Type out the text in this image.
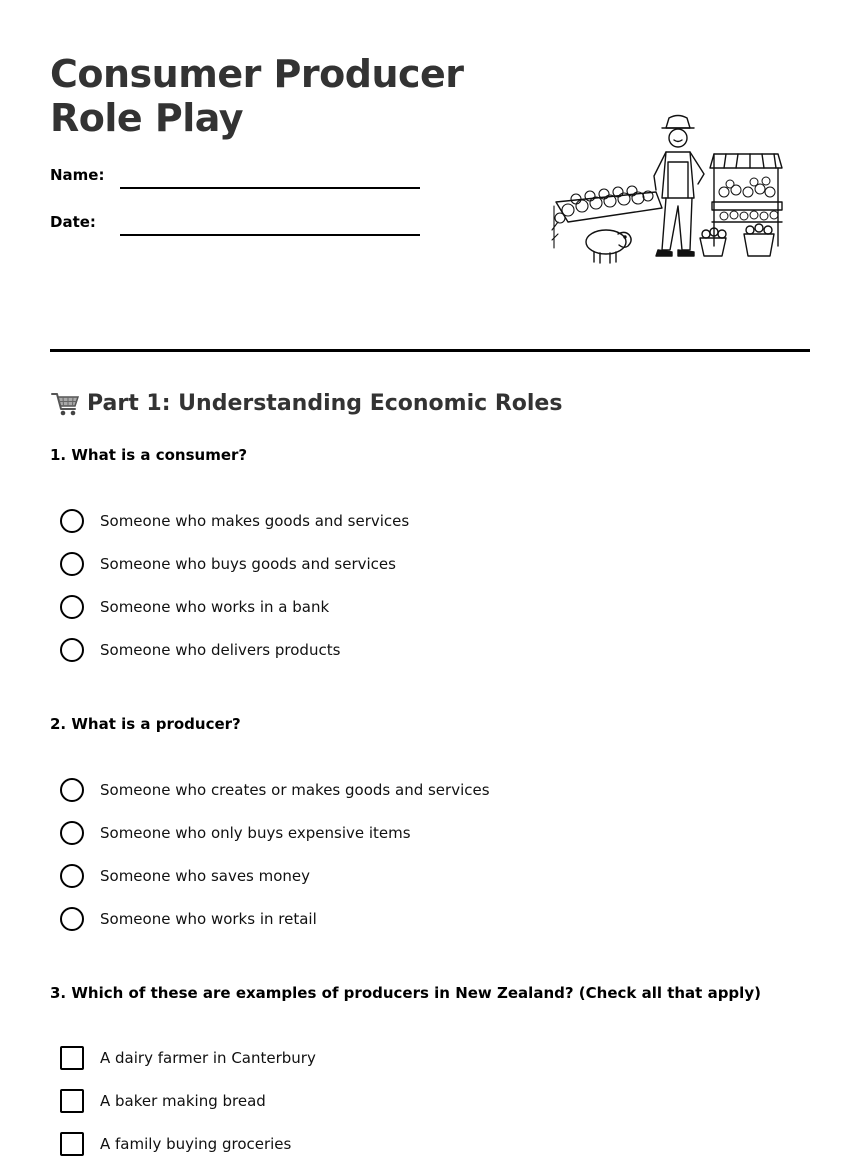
Consumer Producer Role Play
Name:
Date:
Part 1: Understanding Economic Roles
1. What is a consumer?
Someone who makes goods and services
Someone who buys goods and services
Someone who works in a bank
Someone who delivers products
2. What is a producer?
Someone who creates or makes goods and services
Someone who only buys expensive items
Someone who saves money
Someone who works in retail
3. Which of these are examples of producers in New Zealand? (Check all that apply)
A dairy farmer in Canterbury
A baker making bread
A family buying groceries
